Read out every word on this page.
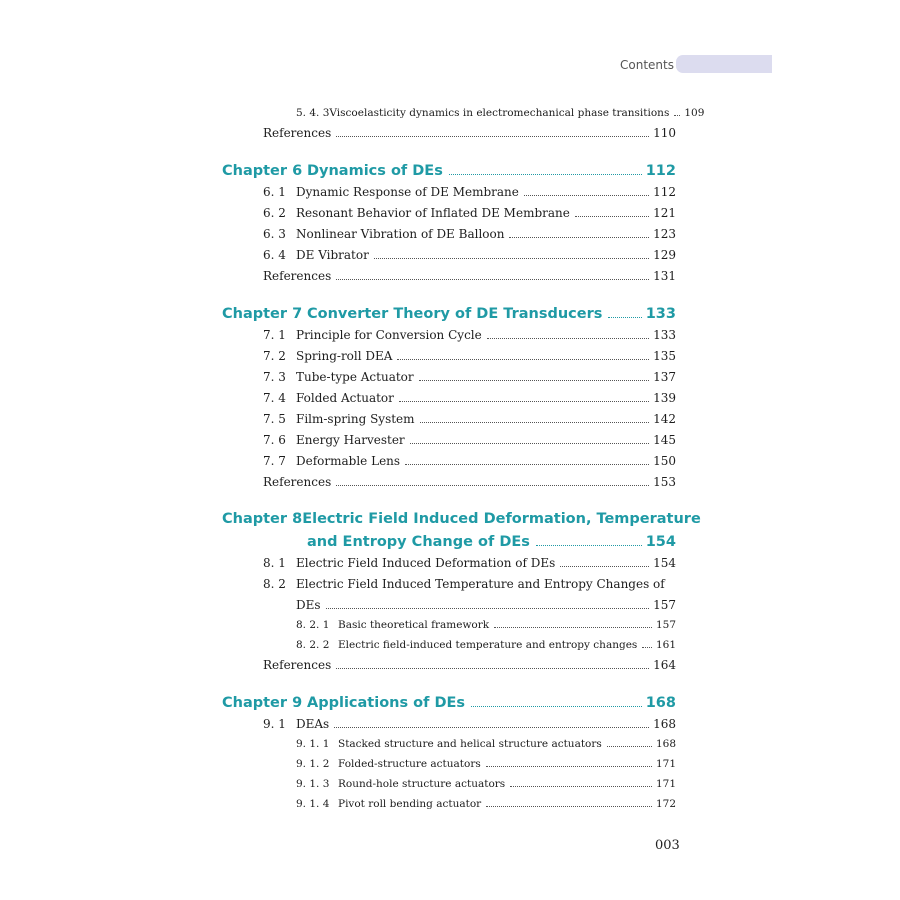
Contents
5. 4. 3 Viscoelasticity dynamics in electromechanical phase transitions 109
References	110
Chapter 6 Dynamics of DEs	112
6. 1 Dynamic Response of DE Membrane	112
6. 2 Resonant Behavior of Inflated DE Membrane	121
6. 3 Nonlinear Vibration of DE Balloon	123
6. 4 DE Vibrator	129
References	131
Chapter 7 Converter Theory of DE Transducers	133
7. 1 Principle for Conversion Cycle	133
7. 2 Spring-roll DEA	135
7. 3 Tube-type Actuator	137
7. 4 Folded Actuator	139
7. 5 Film-spring System	142
7. 6 Energy Harvester	145
7. 7 Deformable Lens	150
References	153
Chapter 8 Electric Field Induced Deformation, Temperature
and Entropy Change of DEs	154
8. 1 Electric Field Induced Deformation of DEs	154
8. 2 Electric Field Induced Temperature and Entropy Changes of
DEs	157
8. 2. 1 Basic theoretical framework	157
8. 2. 2 Electric field-induced temperature and entropy changes 161
References	164
Chapter 9 Applications of DEs	168
9. 1 DEAs	168
9. 1. 1 Stacked structure and helical structure actuators	168
9. 1. 2 Folded-structure actuators	171
9. 1. 3 Round-hole structure actuators	171
9. 1. 4 Pivot roll bending actuator	172
003
